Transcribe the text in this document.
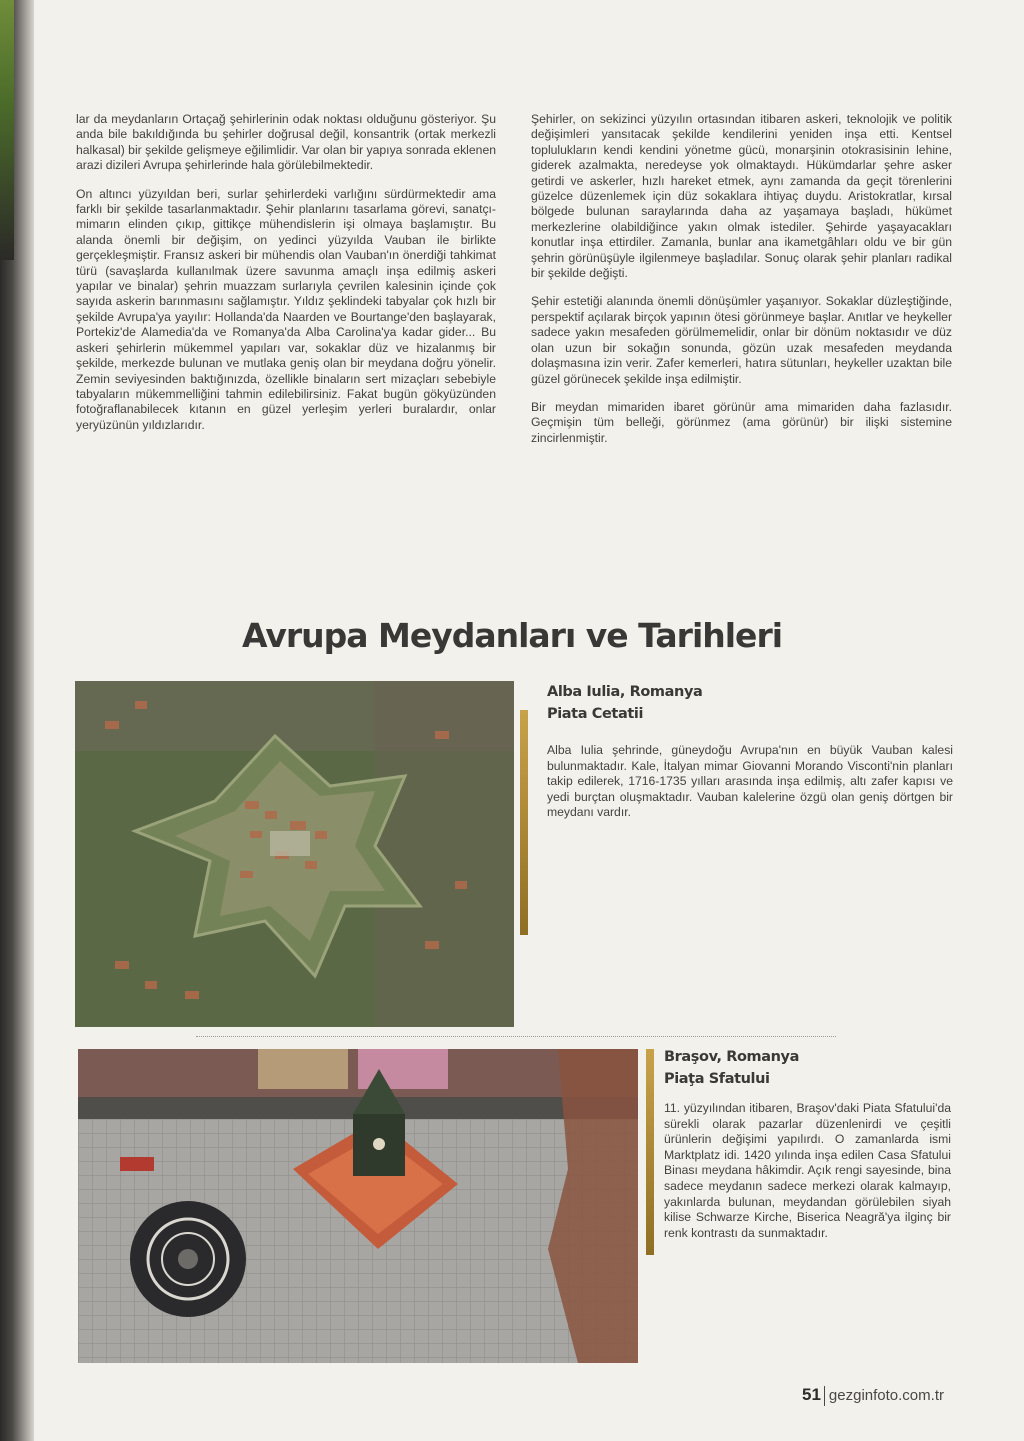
lar da meydanların Ortaçağ şehirlerinin odak noktası olduğunu gösteriyor. Şu anda bile bakıldığında bu şehirler doğrusal değil, konsantrik (ortak merkezli halkasal) bir şekilde gelişmeye eğilimlidir. Var olan bir yapıya sonrada eklenen arazi dizileri Avrupa şehirlerinde hala görülebilmektedir.

On altıncı yüzyıldan beri, surlar şehirlerdeki varlığını sürdürmektedir ama farklı bir şekilde tasarlanmaktadır. Şehir planlarını tasarlama görevi, sanatçı-mimarın elinden çıkıp, gittikçe mühendislerin işi olmaya başlamıştır. Bu alanda önemli bir değişim, on yedinci yüzyılda Vauban ile birlikte gerçekleşmiştir. Fransız askeri bir mühendis olan Vauban'ın önerdiği tahkimat türü (savaşlarda kullanılmak üzere savunma amaçlı inşa edilmiş askeri yapılar ve binalar) şehrin muazzam surlarıyla çevrilen kalesinin içinde çok sayıda askerin barınmasını sağlamıştır. Yıldız şeklindeki tabyalar çok hızlı bir şekilde Avrupa'ya yayılır: Hollanda'da Naarden ve Bourtange'den başlayarak, Portekiz'de Alamedia'da ve Romanya'da Alba Carolina'ya kadar gider... Bu askeri şehirlerin mükemmel yapıları var, sokaklar düz ve hizalanmış bir şekilde, merkezde bulunan ve mutlaka geniş olan bir meydana doğru yönelir. Zemin seviyesinden baktığınızda, özellikle binaların sert mizaçları sebebiyle tabyaların mükemmelliğini tahmin edilebilirsiniz. Fakat bugün gökyüzünden fotoğraflanabilecek kıtanın en güzel yerleşim yerleri buralardır, onlar yeryüzünün yıldızlarıdır.

Şehirler, on sekizinci yüzyılın ortasından itibaren askeri, teknolojik ve politik değişimleri yansıtacak şekilde kendilerini yeniden inşa etti. Kentsel toplulukların kendi kendini yönetme gücü, monarşinin otokrasisinin lehine, giderek azalmakta, neredeyse yok olmaktaydı. Hükümdarlar şehre asker getirdi ve askerler, hızlı hareket etmek, aynı zamanda da geçit törenlerini güzelce düzenlemek için düz sokaklara ihtiyaç duydu. Aristokratlar, kırsal bölgede bulunan saraylarında daha az yaşamaya başladı, hükümet merkezlerine olabildiğince yakın olmak istediler. Şehirde yaşayacakları konutlar inşa ettirdiler. Zamanla, bunlar ana ikametgâhları oldu ve bir gün şehrin görünüşüyle ilgilenmeye başladılar. Sonuç olarak şehir planları radikal bir şekilde değişti.

Şehir estetiği alanında önemli dönüşümler yaşanıyor. Sokaklar düzleştiğinde, perspektif açılarak birçok yapının ötesi görünmeye başlar. Anıtlar ve heykeller sadece yakın mesafeden görülmemelidir, onlar bir dönüm noktasıdır ve düz olan uzun bir sokağın sonunda, gözün uzak mesafeden meydanda dolaşmasına izin verir. Zafer kemerleri, hatıra sütunları, heykeller uzaktan bile güzel görünecek şekilde inşa edilmiştir.

Bir meydan mimariden ibaret görünür ama mimariden daha fazlasıdır. Geçmişin tüm belleği, görünmez (ama görünür) bir ilişki sistemine zincirlenmiştir.

Avrupa Meydanları ve Tarihleri
Alba Iulia, Romanya
Piata Cetatii
Alba Iulia şehrinde, güneydoğu Avrupa'nın en büyük Vauban kalesi bulunmaktadır. Kale, İtalyan mimar Giovanni Morando Visconti'nin planları takip edilerek, 1716-1735 yılları arasında inşa edilmiş, altı zafer kapısı ve yedi burçtan oluşmaktadır. Vauban kalelerine özgü olan geniş dörtgen bir meydanı vardır.
Braşov, Romanya
Piaţa Sfatului
11. yüzyılından itibaren, Braşov'daki Piata Sfatului'da sürekli olarak pazarlar düzenlenirdi ve çeşitli ürünlerin değişimi yapılırdı. O zamanlarda ismi Marktplatz idi. 1420 yılında inşa edilen Casa Sfatului Binası meydana hâkimdir. Açık rengi sayesinde, bina sadece meydanın sadece merkezi olarak kalmayıp, yakınlarda bulunan, meydandan görülebilen siyah kilise Schwarze Kirche, Biserica Neagră'ya ilginç bir renk kontrastı da sunmaktadır.
51 gezginfoto.com.tr
